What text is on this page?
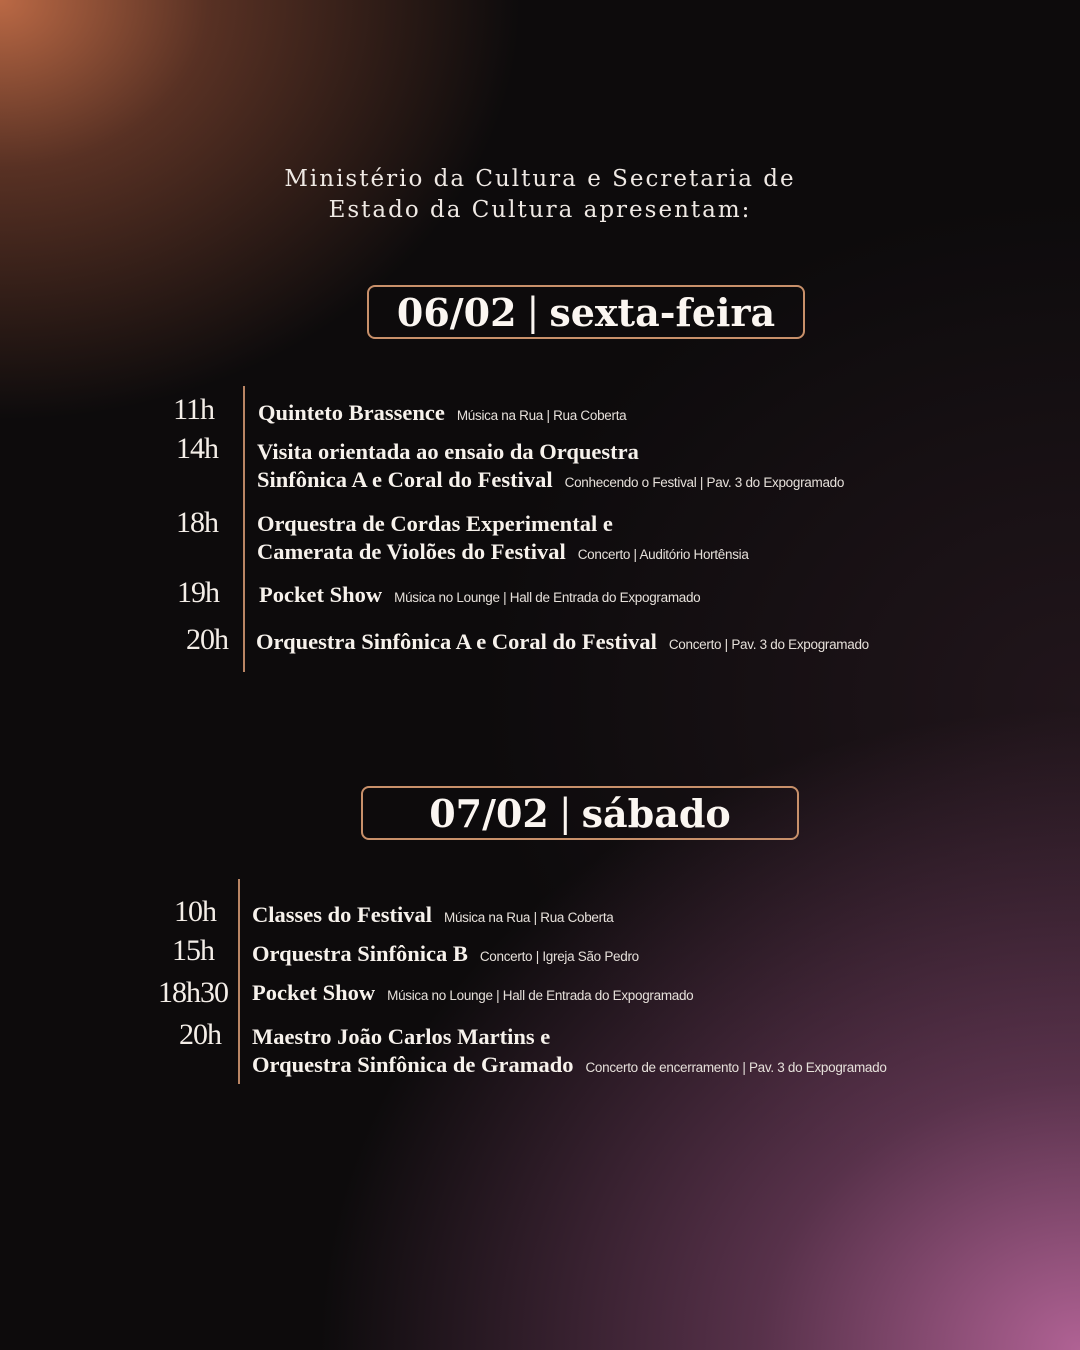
Ministério da Cultura e Secretaria de
Estado da Cultura apresentam:
06/02 | sexta-feira
11h Quinteto Brassence Música na Rua | Rua Coberta
14h Visita orientada ao ensaio da Orquestra
Sinfônica A e Coral do Festival Conhecendo o Festival | Pav. 3 do Expogramado
18h Orquestra de Cordas Experimental e
Camerata de Violões do Festival Concerto | Auditório Hortênsia
19h Pocket Show Música no Lounge | Hall de Entrada do Expogramado
20h Orquestra Sinfônica A e Coral do Festival Concerto | Pav. 3 do Expogramado
07/02 | sábado
10h Classes do Festival Música na Rua | Rua Coberta
15h Orquestra Sinfônica B Concerto | Igreja São Pedro
18h30 Pocket Show Música no Lounge | Hall de Entrada do Expogramado
20h Maestro João Carlos Martins e
Orquestra Sinfônica de Gramado Concerto de encerramento | Pav. 3 do Expogramado
